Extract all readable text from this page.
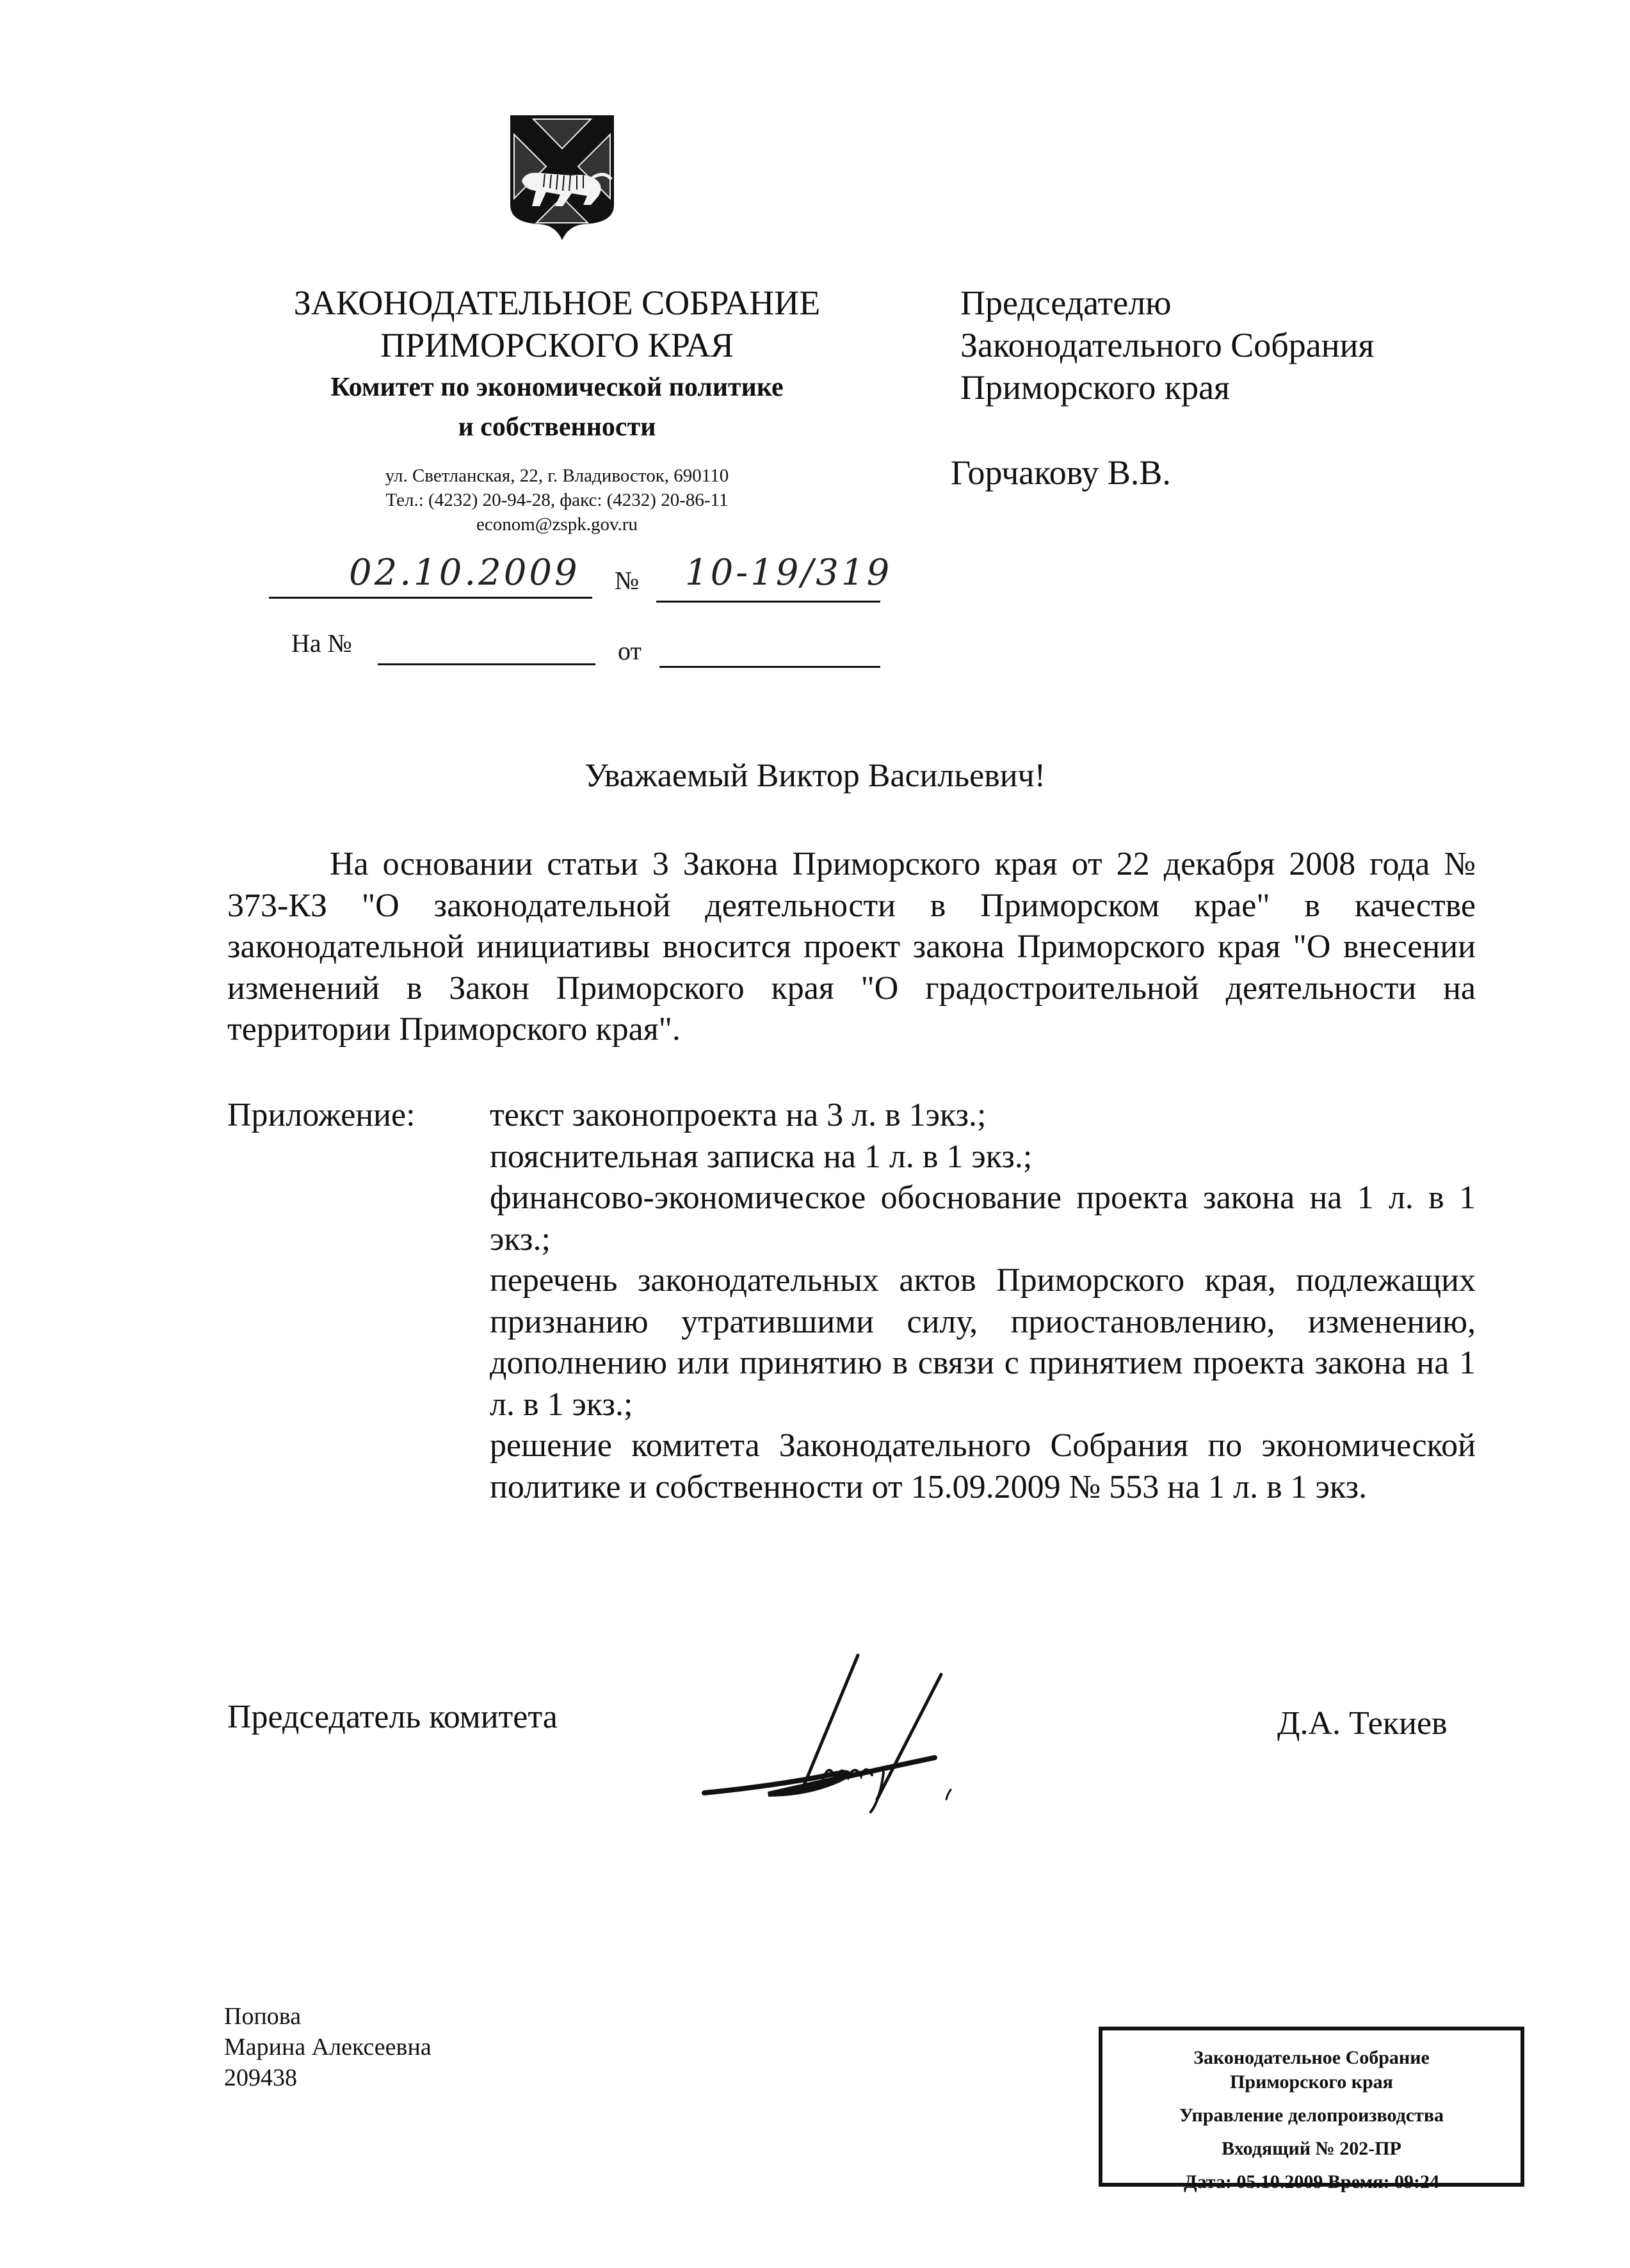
ЗАКОНОДАТЕЛЬНОЕ СОБРАНИЕ
ПРИМОРСКОГО КРАЯ
Комитет по экономической политике
и собственности
ул. Светланская, 22, г. Владивосток, 690110
Тел.: (4232) 20-94-28, факс: (4232) 20-86-11
econom@zspk.gov.ru
Председателю
Законодательного Собрания
Приморского края
Горчакову В.В.
02.10.2009 № 10-19/319
На №	от
Уважаемый Виктор Васильевич!
На основании статьи 3 Закона Приморского края от 22 декабря 2008 года № 373-КЗ "О законодательной деятельности в Приморском крае" в качестве законодательной инициативы вносится проект закона Приморского края "О внесении изменений в Закон Приморского края "О градостроительной деятельности на территории Приморского края".
Приложение: текст законопроекта на 3 л. в 1экз.;
пояснительная записка на 1 л. в 1 экз.;
финансово-экономическое обоснование проекта закона на 1 л. в 1 экз.;
перечень законодательных актов Приморского края, подлежащих признанию утратившими силу, приостановлению, изменению, дополнению или принятию в связи с принятием проекта закона на 1 л. в 1 экз.;
решение комитета Законодательного Собрания по экономической политике и собственности от 15.09.2009 № 553 на 1 л. в 1 экз.
Председатель комитета	Д.А. Текиев
Попова
Марина Алексеевна
209438
Законодательное Собрание
Приморского края
Управление делопроизводства
Входящий № 202-ПР
Дата: 05.10.2009 Время: 09:24
